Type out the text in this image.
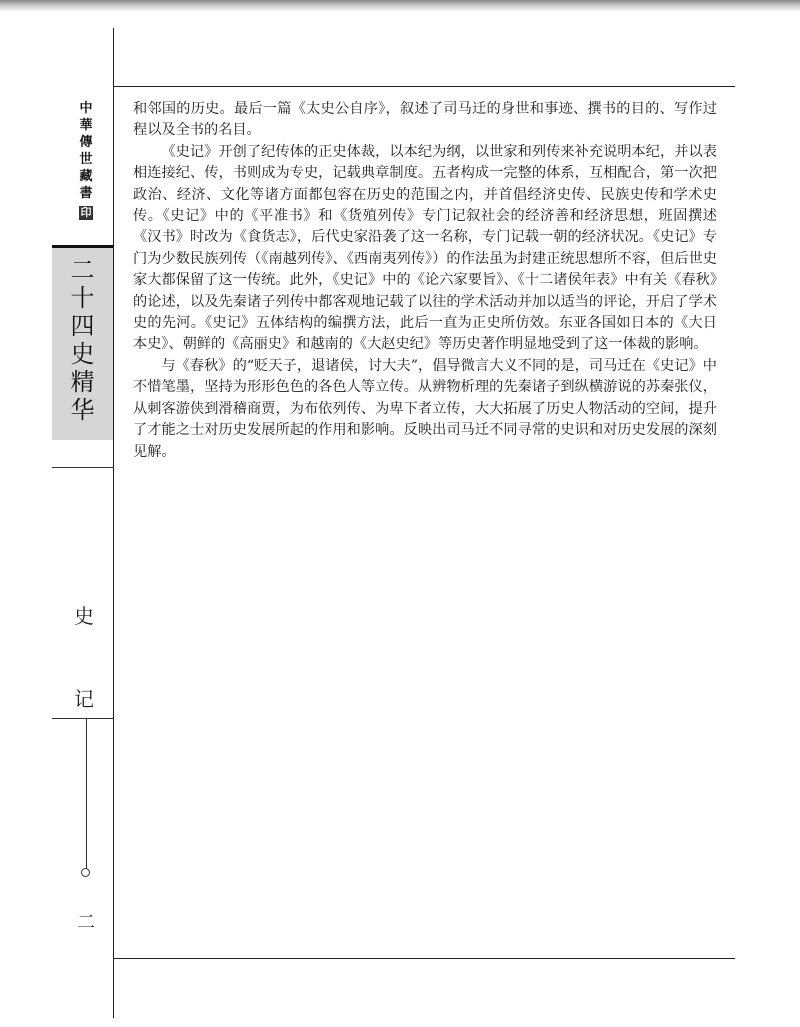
中
華
傳
世
藏
書
印
二
十
四
史
精
华
史
记
二

和邻国的历史。最后一篇《太史公自序》，叙述了司马迁的身世和事迹、撰书的目的、写作过程以及全书的名目。

《史记》开创了纪传体的正史体裁，以本纪为纲，以世家和列传来补充说明本纪，并以表相连接纪、传，书则成为专史，记载典章制度。五者构成一完整的体系，互相配合，第一次把政治、经济、文化等诸方面都包容在历史的范围之内，并首倡经济史传、民族史传和学术史传。《史记》中的《平准书》和《货殖列传》专门记叙社会的经济善和经济思想，班固撰述《汉书》时改为《食货志》，后代史家沿袭了这一名称，专门记载一朝的经济状况。《史记》专门为少数民族列传（《南越列传》、《西南夷列传》）的作法虽为封建正统思想所不容，但后世史家大都保留了这一传统。此外，《史记》中的《论六家要旨》、《十二诸侯年表》中有关《春秋》的论述，以及先秦诸子列传中都客观地记载了以往的学术活动并加以适当的评论，开启了学术史的先河。《史记》五体结构的编撰方法，此后一直为正史所仿效。东亚各国如日本的《大日本史》、朝鲜的《高丽史》和越南的《大赵史纪》等历史著作明显地受到了这一体裁的影响。

与《春秋》的“贬天子，退诸侯，讨大夫”，倡导微言大义不同的是，司马迁在《史记》中不惜笔墨，坚持为形形色色的各色人等立传。从辨物析理的先秦诸子到纵横游说的苏秦张仪，从刺客游侠到滑稽商贾，为布依列传、为卑下者立传，大大拓展了历史人物活动的空间，提升了才能之士对历史发展所起的作用和影响。反映出司马迁不同寻常的史识和对历史发展的深刻见解。
